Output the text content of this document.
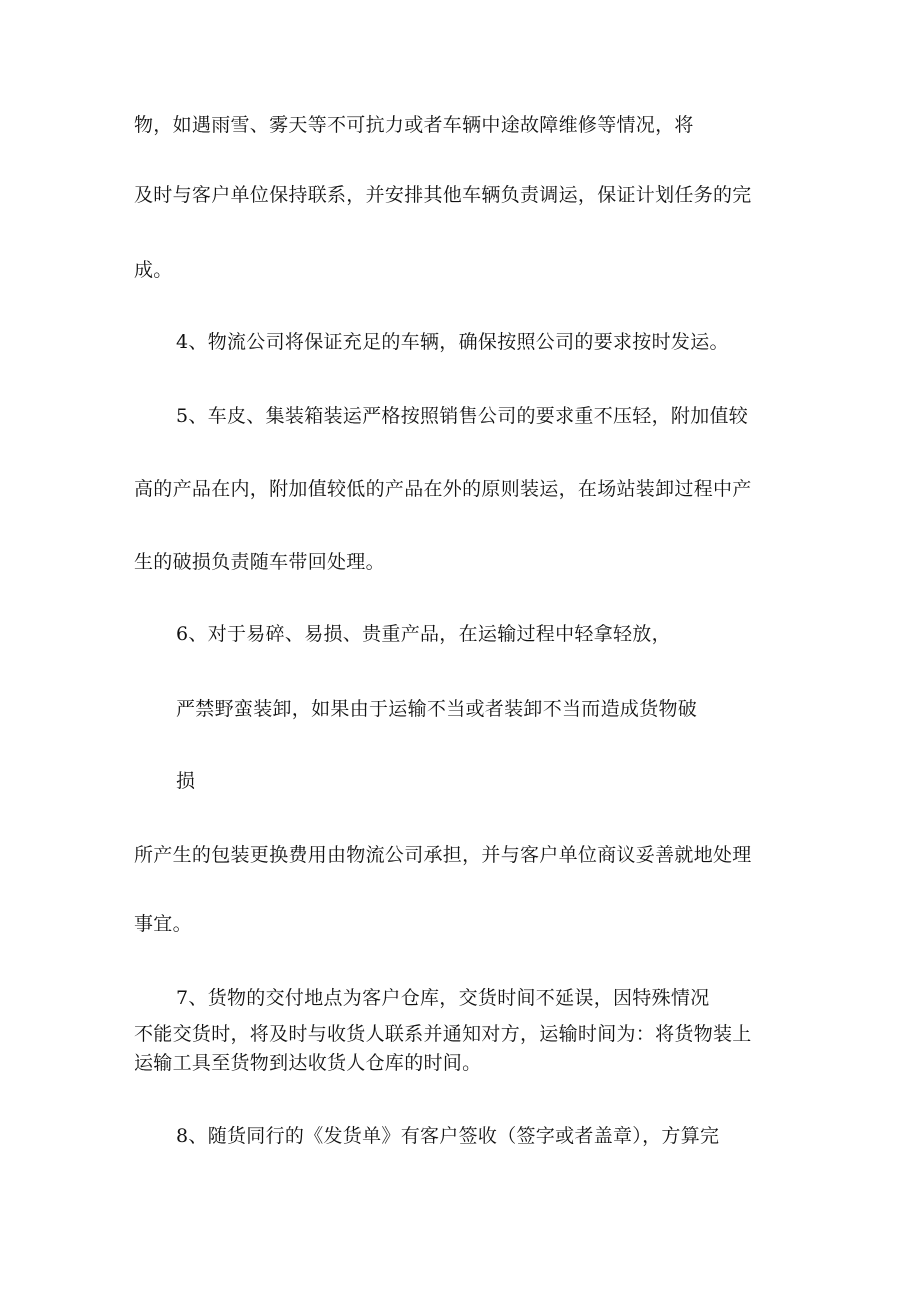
物，如遇雨雪、雾天等不可抗力或者车辆中途故障维修等情况，将
及时与客户单位保持联系，并安排其他车辆负责调运，保证计划任务的完
成。
4、物流公司将保证充足的车辆，确保按照公司的要求按时发运。
5、车皮、集装箱装运严格按照销售公司的要求重不压轻，附加值较
高的产品在内，附加值较低的产品在外的原则装运，在场站装卸过程中产
生的破损负责随车带回处理。
6、对于易碎、易损、贵重产品，在运输过程中轻拿轻放，
严禁野蛮装卸，如果由于运输不当或者装卸不当而造成货物破
损
所产生的包装更换费用由物流公司承担，并与客户单位商议妥善就地处理
事宜。
7、货物的交付地点为客户仓库，交货时间不延误，因特殊情况
不能交货时，将及时与收货人联系并通知对方，运输时间为：将货物装上
运输工具至货物到达收货人仓库的时间。
8、随货同行的《发货单》有客户签收（签字或者盖章），方算完
